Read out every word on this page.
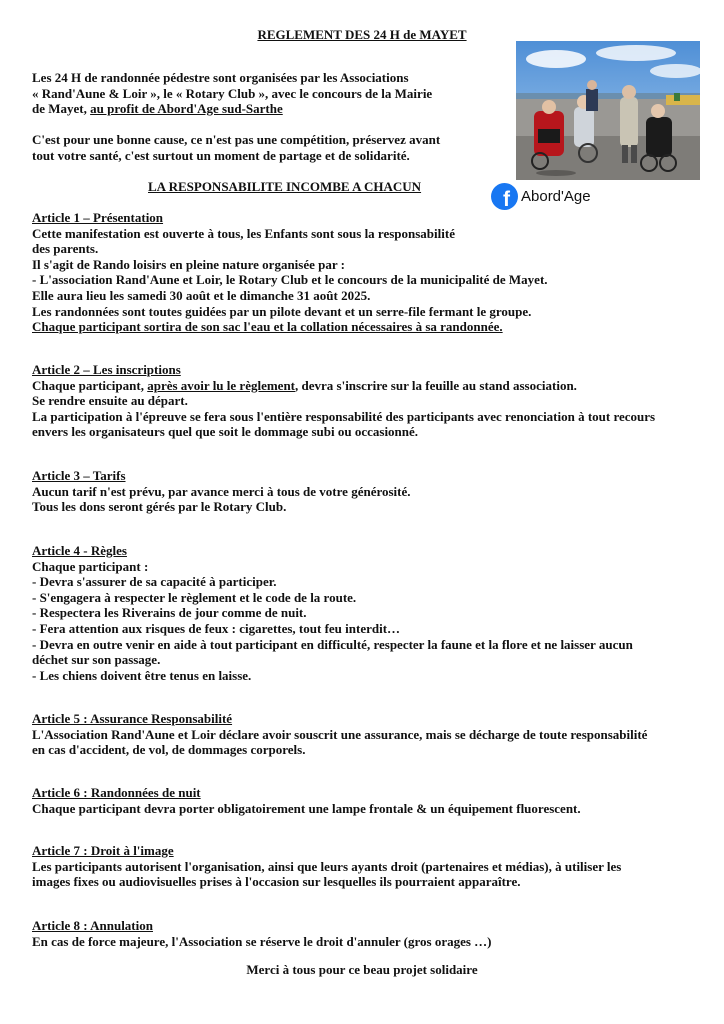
REGLEMENT DES 24 H de MAYET
Les 24 H de randonnée pédestre sont organisées par les Associations
« Rand'Aune & Loir », le « Rotary Club », avec le concours de la Mairie
de Mayet, au profit de Abord'Age sud-Sarthe
C'est pour une bonne cause, ce n'est pas une compétition, préservez avant
tout votre santé, c'est surtout un moment de partage et de solidarité.
LA RESPONSABILITE INCOMBE A CHACUN
f Abord'Age
Article 1 – Présentation
Cette manifestation est ouverte à tous, les Enfants sont sous la responsabilité
des parents.
Il s'agit de Rando loisirs en pleine nature organisée par :
- L'association Rand'Aune et Loir, le Rotary Club et le concours de la municipalité de Mayet.
Elle aura lieu les samedi 30 août et le dimanche 31 août 2025.
Les randonnées sont toutes guidées par un pilote devant et un serre-file fermant le groupe.
Chaque participant sortira de son sac l'eau et la collation nécessaires à sa randonnée.
Article 2 – Les inscriptions
Chaque participant, après avoir lu le règlement, devra s'inscrire sur la feuille au stand association.
Se rendre ensuite au départ.
La participation à l'épreuve se fera sous l'entière responsabilité des participants avec renonciation à tout recours
envers les organisateurs quel que soit le dommage subi ou occasionné.
Article 3 – Tarifs
Aucun tarif n'est prévu, par avance merci à tous de votre générosité.
Tous les dons seront gérés par le Rotary Club.
Article 4 - Règles
Chaque participant :
- Devra s'assurer de sa capacité à participer.
- S'engagera à respecter le règlement et le code de la route.
- Respectera les Riverains de jour comme de nuit.
- Fera attention aux risques de feux : cigarettes, tout feu interdit…
- Devra en outre venir en aide à tout participant en difficulté, respecter la faune et la flore et ne laisser aucun
déchet sur son passage.
- Les chiens doivent être tenus en laisse.
Article 5 : Assurance Responsabilité
L'Association Rand'Aune et Loir déclare avoir souscrit une assurance, mais se décharge de toute responsabilité
en cas d'accident, de vol, de dommages corporels.
Article 6 : Randonnées de nuit
Chaque participant devra porter obligatoirement une lampe frontale & un équipement fluorescent.
Article 7 : Droit à l'image
Les participants autorisent l'organisation, ainsi que leurs ayants droit (partenaires et médias), à utiliser les
images fixes ou audiovisuelles prises à l'occasion sur lesquelles ils pourraient apparaître.
Article 8 : Annulation
En cas de force majeure, l'Association se réserve le droit d'annuler (gros orages …)
Merci à tous pour ce beau projet solidaire
